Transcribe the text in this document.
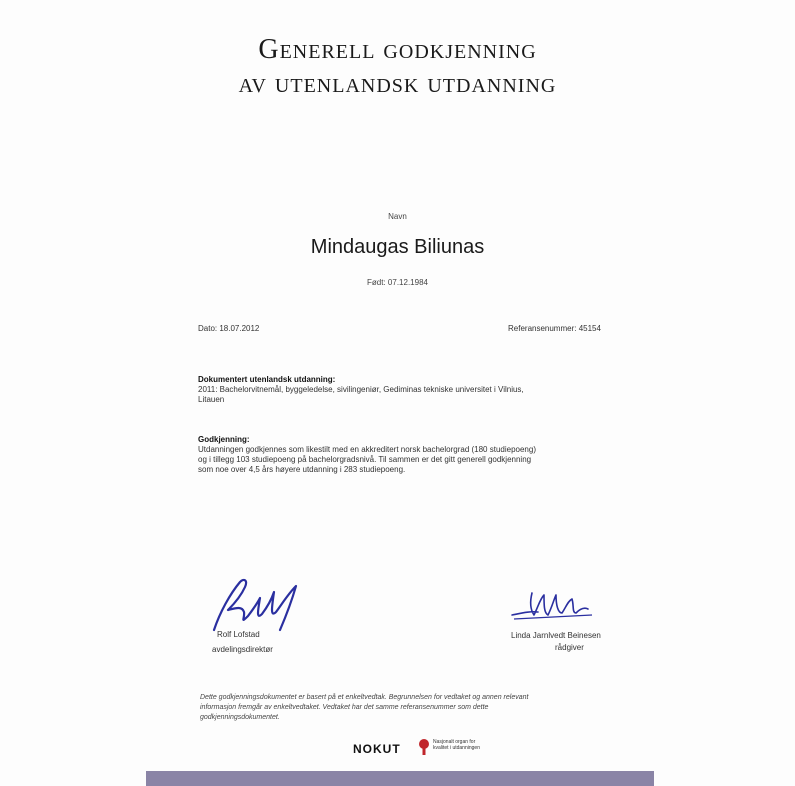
Generell godkjenning
av utenlandsk utdanning
Navn
Mindaugas Biliunas
Født: 07.12.1984
Dato: 18.07.2012	Referansenummer: 45154
Dokumentert utenlandsk utdanning:
2011: Bachelorvitnemål, byggeledelse, sivilingeniør, Gediminas tekniske universitet i Vilnius,
Litauen
Godkjenning:
Utdanningen godkjennes som likestilt med en akkreditert norsk bachelorgrad (180 studiepoeng)
og i tillegg 103 studiepoeng på bachelorgradsnivå. Til sammen er det gitt generell godkjenning
som noe over 4,5 års høyere utdanning i 283 studiepoeng.
Rolf Lofstad
avdelingsdirektør
Linda Jarnlvedt Beinesen
rådgiver
Dette godkjenningsdokumentet er basert på et enkeltvedtak. Begrunnelsen for vedtaket og annen relevant
informasjon fremgår av enkeltvedtaket. Vedtaket har det samme referansenummer som dette
godkjenningsdokumentet.
NOKUT	Nasjonalt organ for
kvalitet i utdanningen
